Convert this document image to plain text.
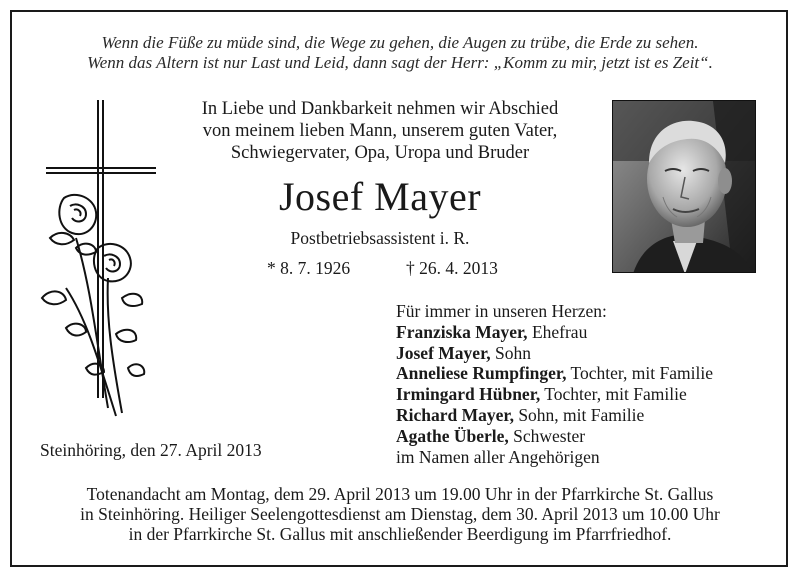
Wenn die Füße zu müde sind, die Wege zu gehen, die Augen zu trübe, die Erde zu sehen.
Wenn das Altern ist nur Last und Leid, dann sagt der Herr: „Komm zu mir, jetzt ist es Zeit“.
In Liebe und Dankbarkeit nehmen wir Abschied
von meinem lieben Mann, unserem guten Vater,
Schwiegervater, Opa, Uropa und Bruder
Josef Mayer
Postbetriebsassistent i. R.
* 8. 7. 1926	† 26. 4. 2013
Für immer in unseren Herzen:
Franziska Mayer, Ehefrau
Josef Mayer, Sohn
Anneliese Rumpfinger, Tochter, mit Familie
Irmingard Hübner, Tochter, mit Familie
Richard Mayer, Sohn, mit Familie
Agathe Überle, Schwester
im Namen aller Angehörigen
Steinhöring, den 27. April 2013
Totenandacht am Montag, dem 29. April 2013 um 19.00 Uhr in der Pfarrkirche St. Gallus
in Steinhöring. Heiliger Seelengottesdienst am Dienstag, dem 30. April 2013 um 10.00 Uhr
in der Pfarrkirche St. Gallus mit anschließender Beerdigung im Pfarrfriedhof.
